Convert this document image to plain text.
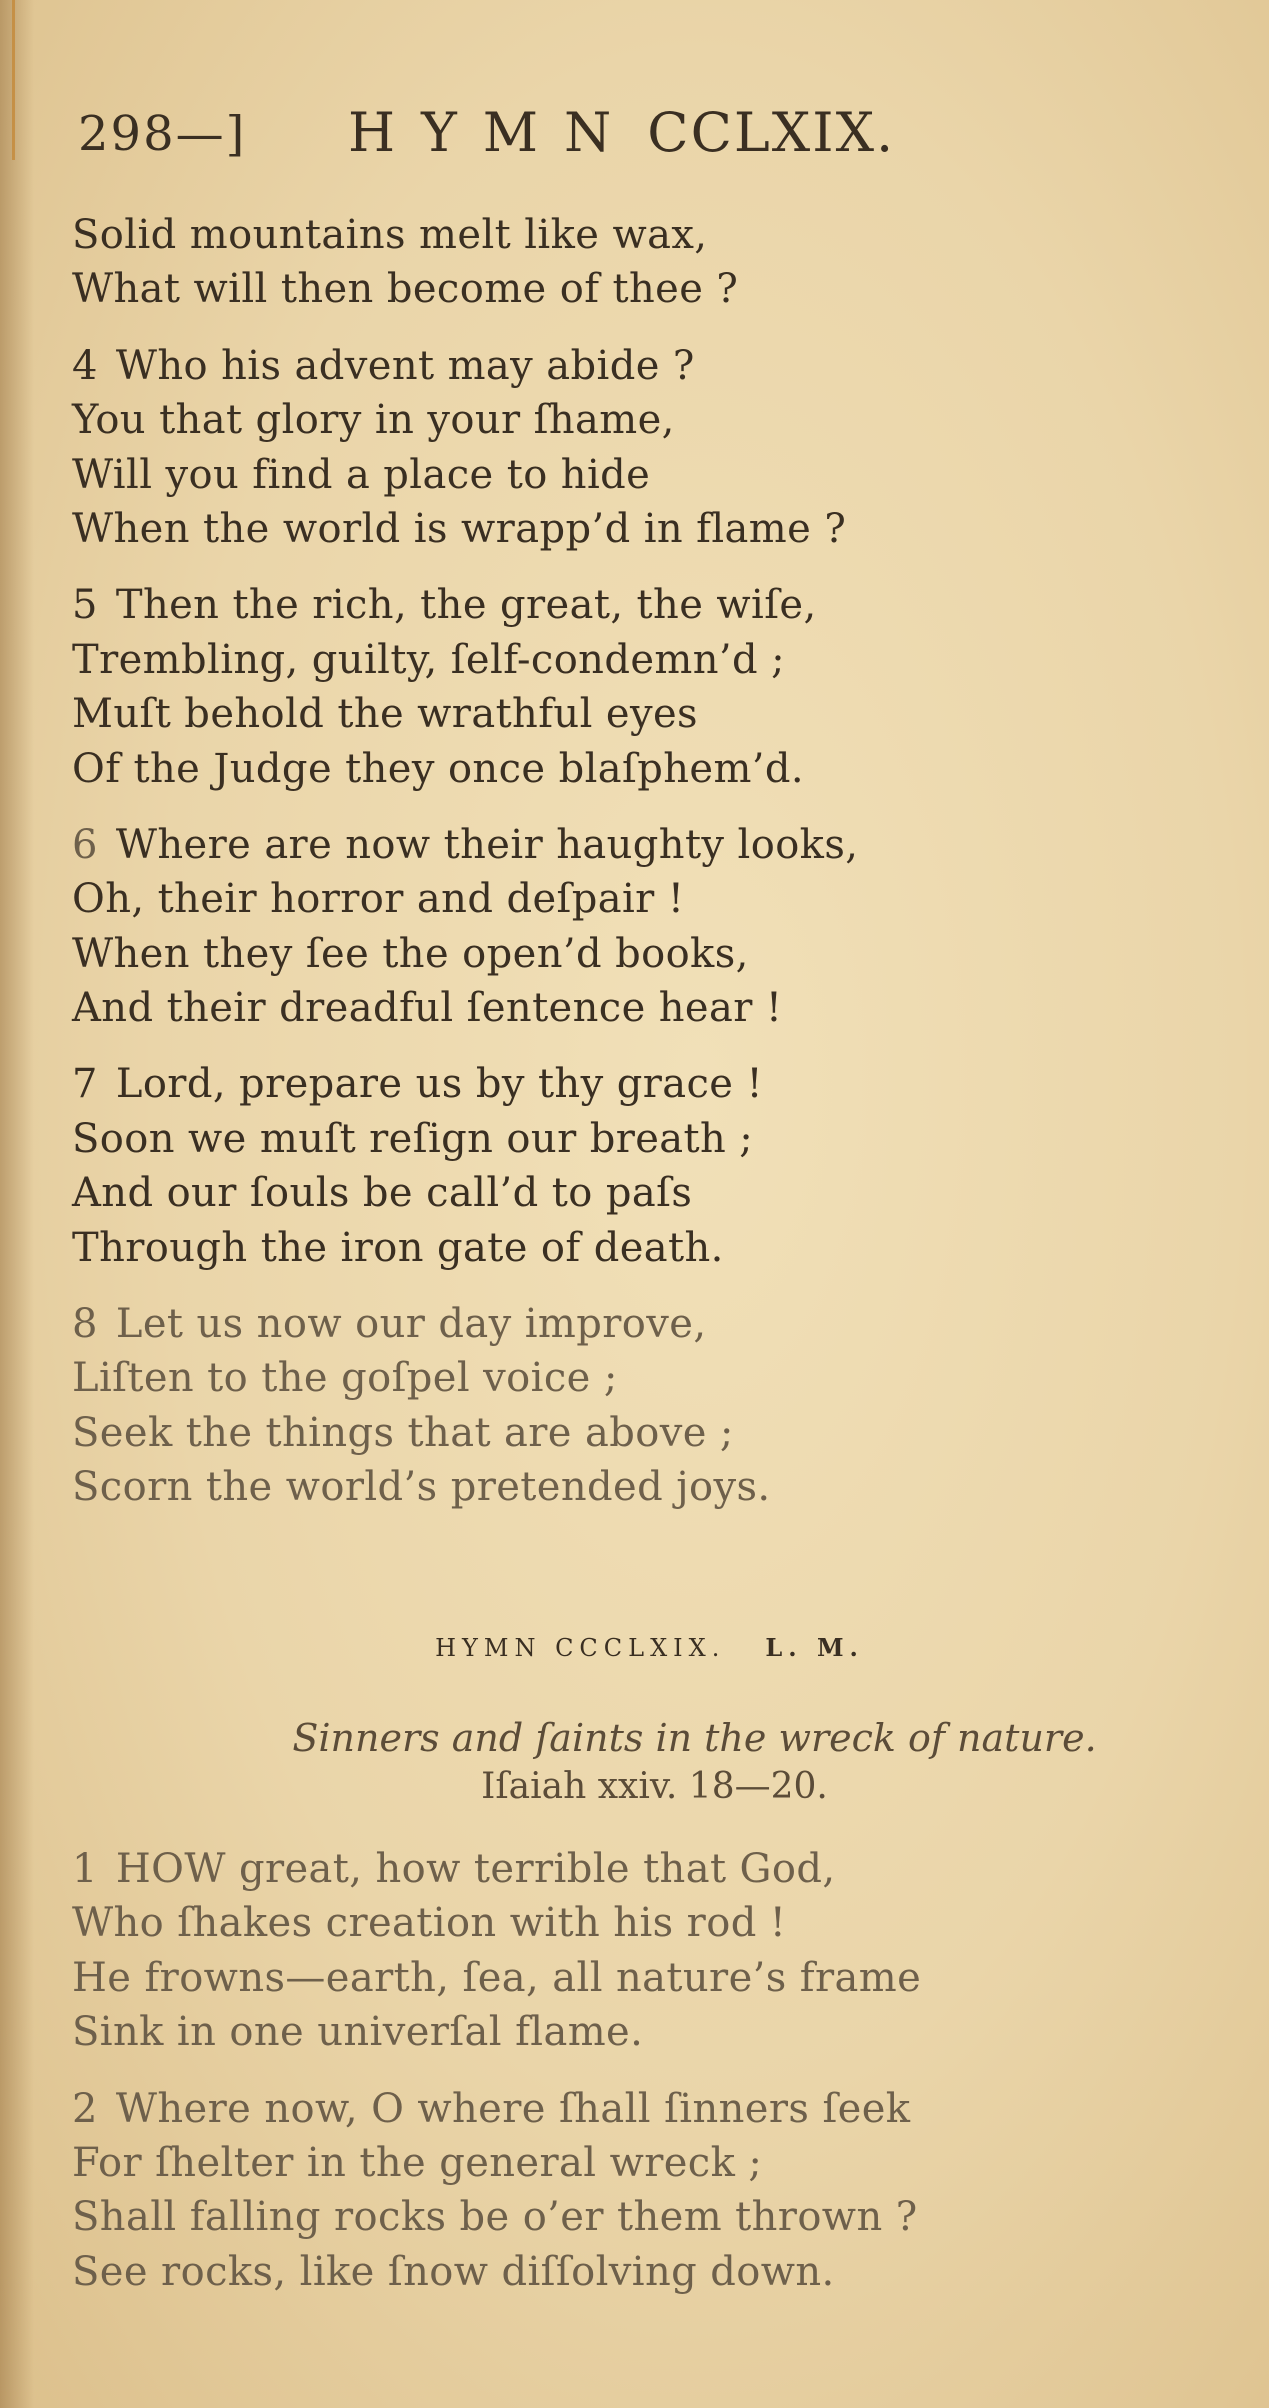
298—] HYMN CCLXIX.
Solid mountains melt like wax,
What will then become of thee ?
4 Who his advent may abide ?
You that glory in your ſhame,
Will you find a place to hide
When the world is wrapp’d in flame ?
5 Then the rich, the great, the wiſe,
Trembling, guilty, ſelf-condemn’d ;
Muſt behold the wrathful eyes
Of the Judge they once blaſphem’d.
6 Where are now their haughty looks,
Oh, their horror and deſpair !
When they ſee the open’d books,
And their dreadful ſentence hear !
7 Lord, prepare us by thy grace !
Soon we muſt reſign our breath ;
And our ſouls be call’d to paſs
Through the iron gate of death.
8 Let us now our day improve,
Liſten to the goſpel voice ;
Seek the things that are above ;
Scorn the world’s pretended joys.
HYMN CCCLXIX. L. M.
Sinners and ſaints in the wreck of nature.
Iſaiah xxiv. 18—20.
1 HOW great, how terrible that God,
Who ſhakes creation with his rod !
He frowns—earth, ſea, all nature’s frame
Sink in one univerſal flame.
2 Where now, O where ſhall ſinners ſeek
For ſhelter in the general wreck ;
Shall falling rocks be o’er them thrown ?
See rocks, like ſnow diſſolving down.
